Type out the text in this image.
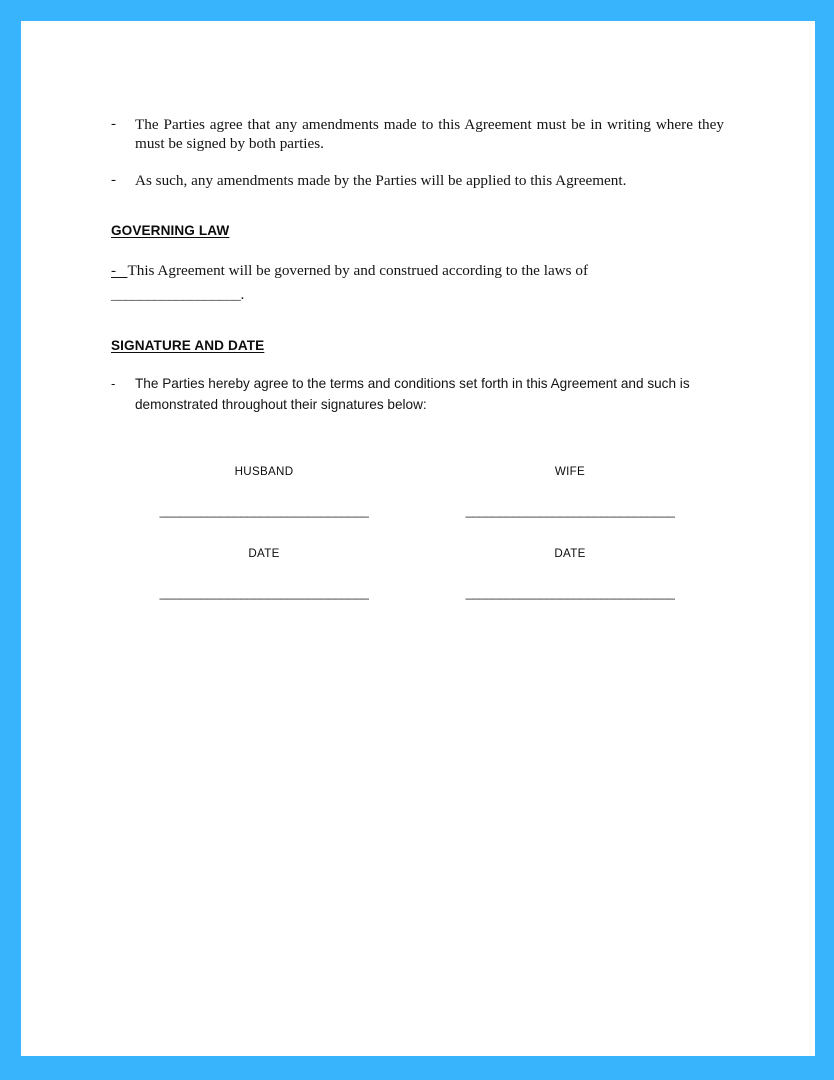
-	The Parties agree that any amendments made to this Agreement must be in writing where they must be signed by both parties.
-	As such, any amendments made by the Parties will be applied to this Agreement.
GOVERNING LAW
- This Agreement will be governed by and construed according to the laws of
__________________.
SIGNATURE AND DATE
-	The Parties hereby agree to the terms and conditions set forth in this Agreement and such is demonstrated throughout their signatures below:
HUSBAND	WIFE
_______________________________	_______________________________
DATE	DATE
_______________________________	_______________________________
